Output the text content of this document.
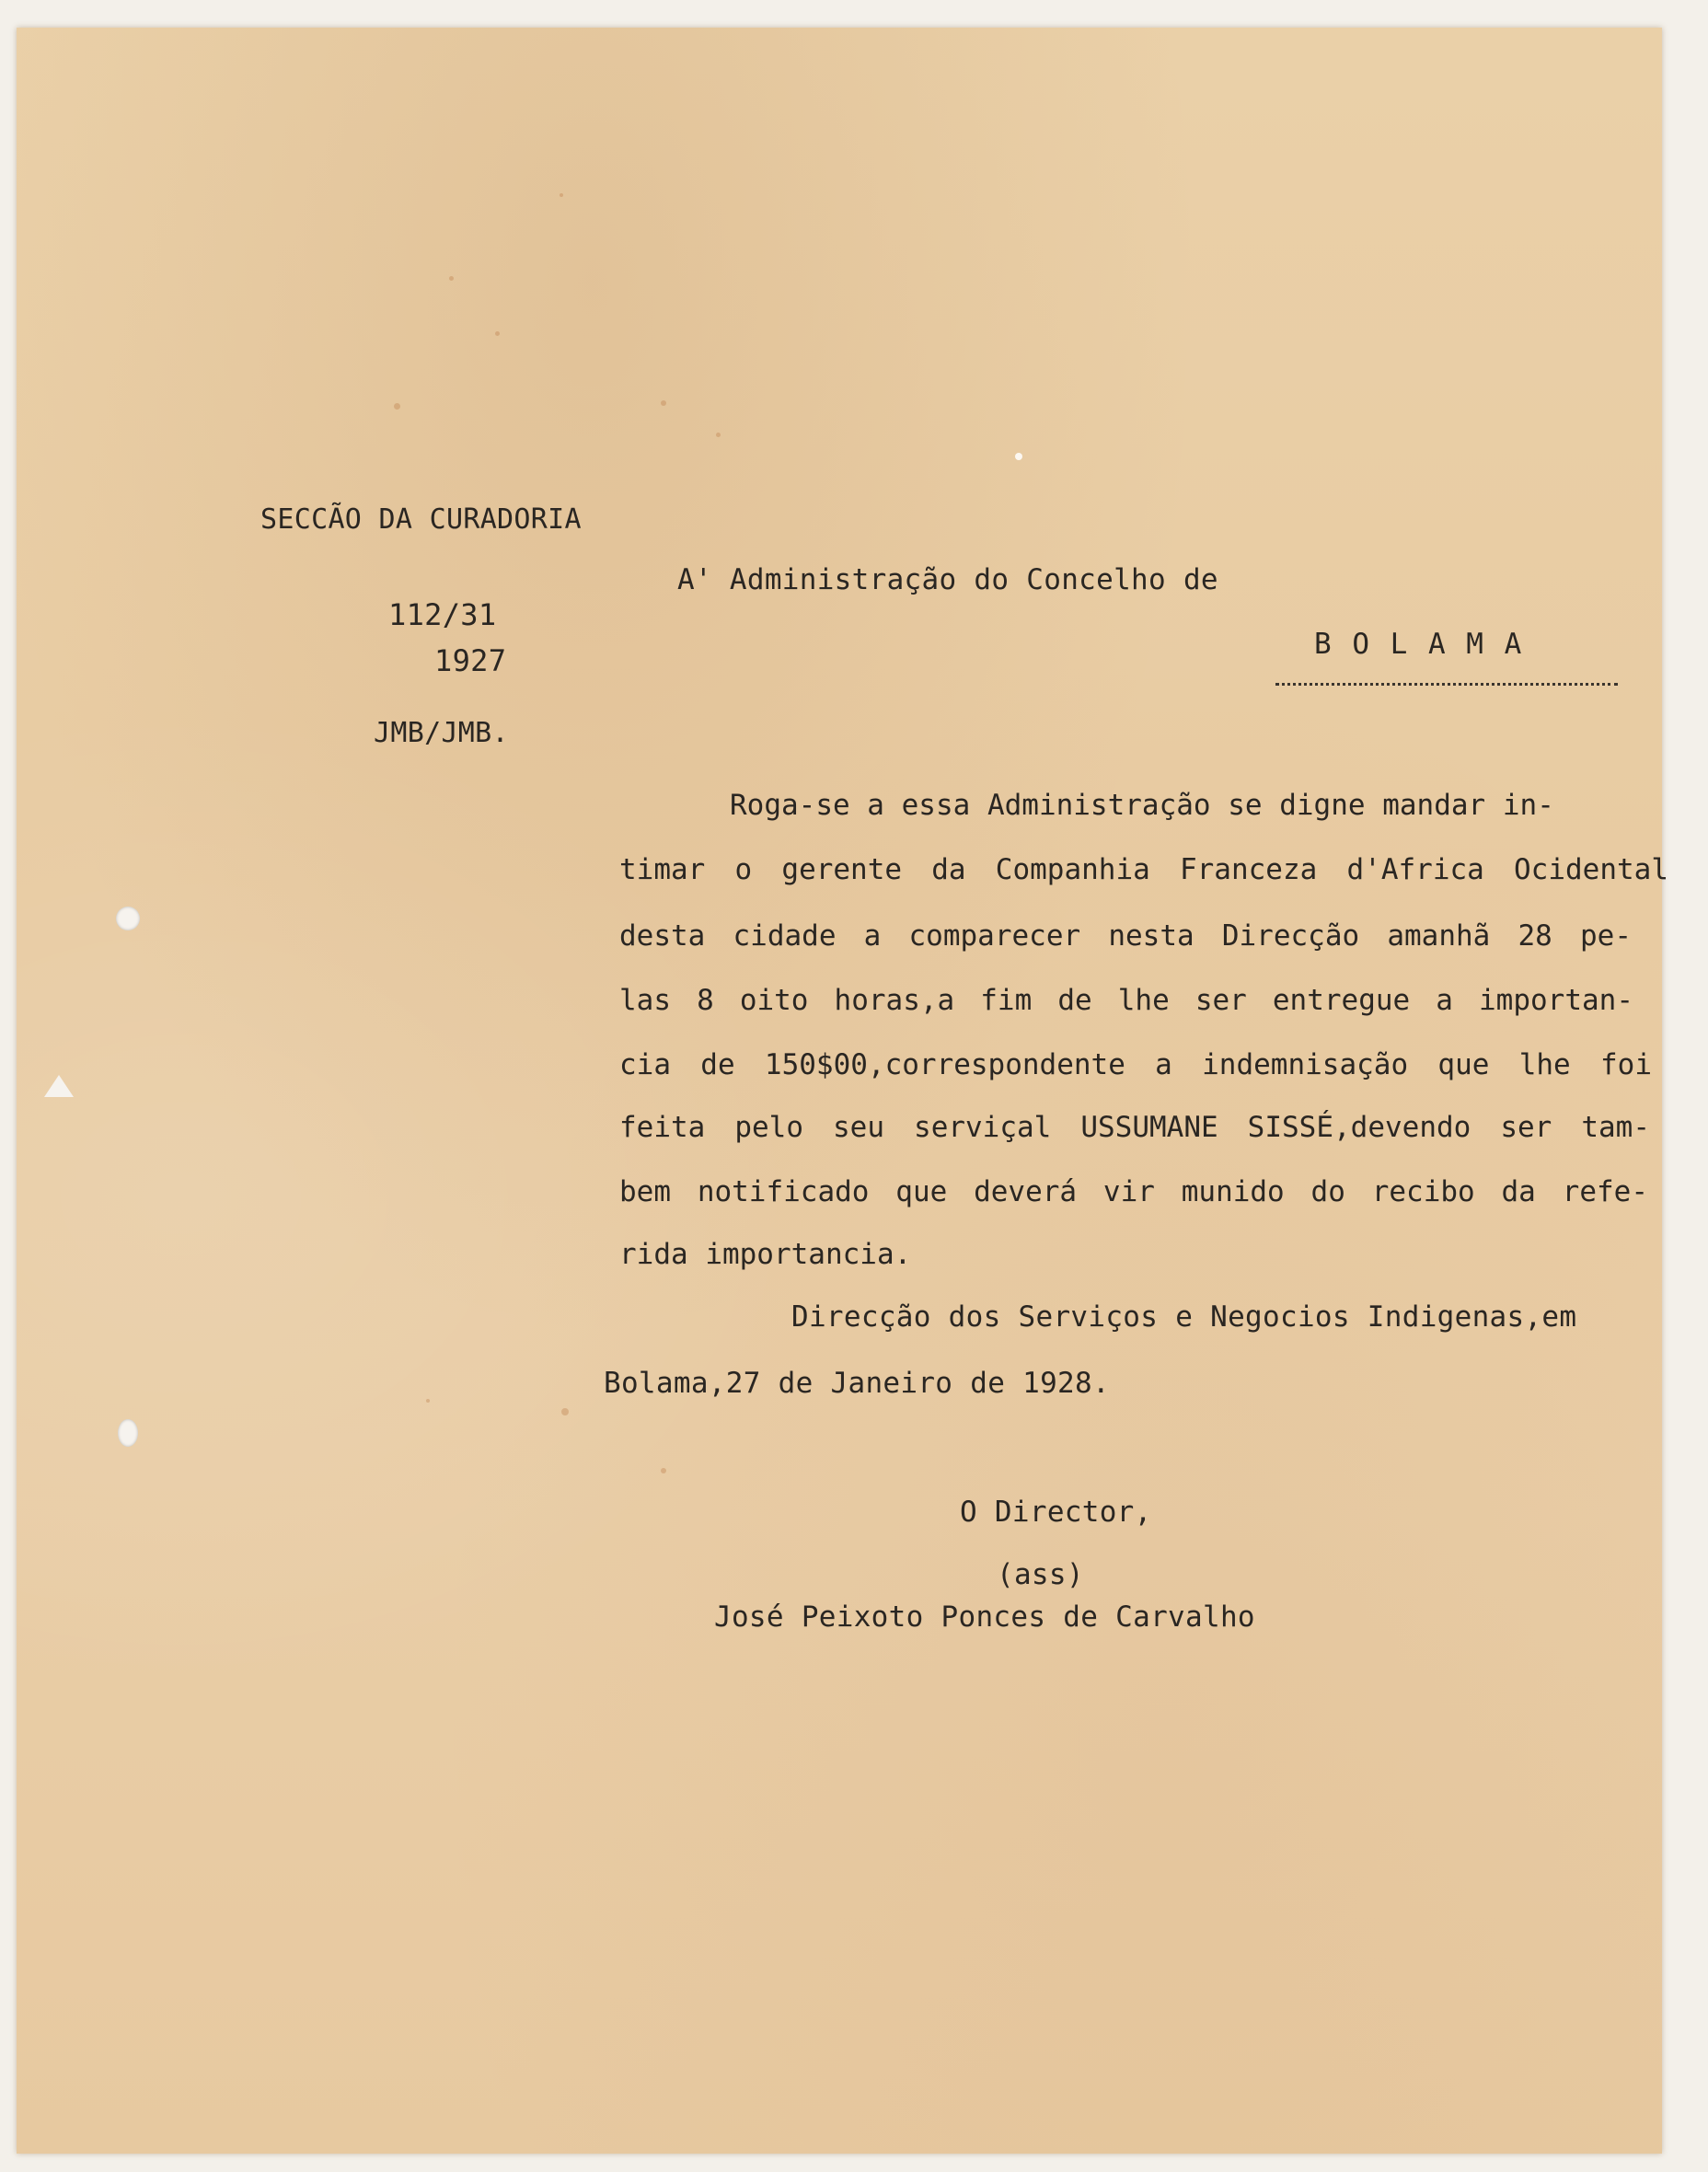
SECCÃO DA CURADORIA
112/31
1927
JMB/JMB.
A' Administração do Concelho de
B O L A M A
Roga-se a essa Administração se digne mandar in-
timar o gerente da Companhia Franceza d'Africa Ocidental
desta cidade a comparecer nesta Direcção amanhã 28 pe-
las 8 oito horas,a fim de lhe ser entregue a importan-
cia de 150$00,correspondente a indemnisação que lhe foi
feita pelo seu serviçal USSUMANE SISSÉ,devendo ser tam-
bem notificado que deverá vir munido do recibo da refe-
rida importancia.
Direcção dos Serviços e Negocios Indigenas,em
Bolama,27 de Janeiro de 1928.
O Director,
(ass)
José Peixoto Ponces de Carvalho
